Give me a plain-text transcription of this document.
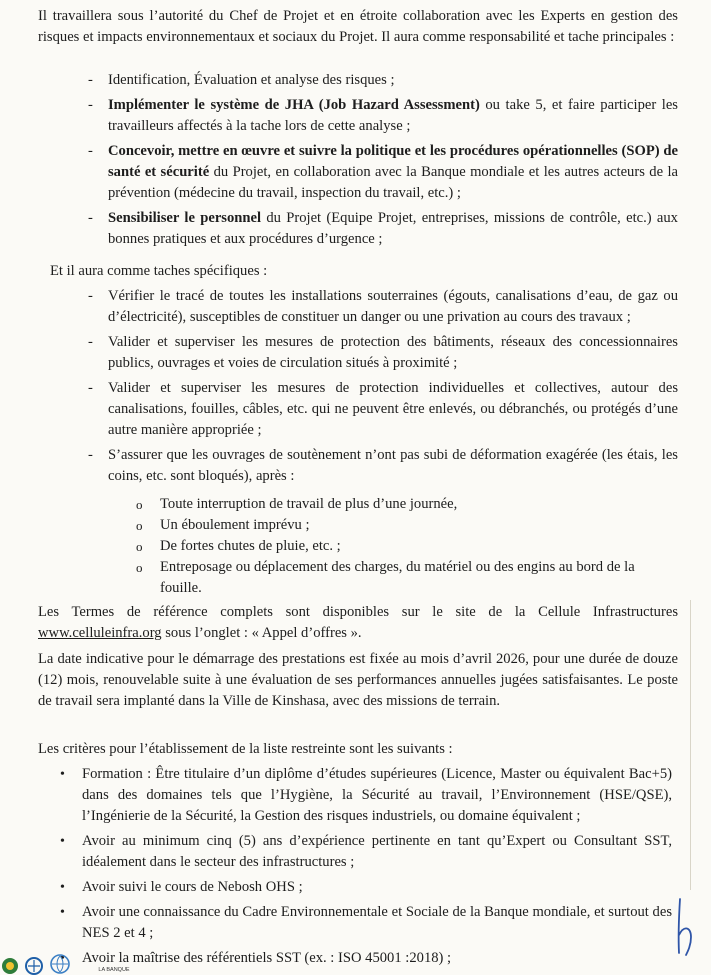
Il travaillera sous l’autorité du Chef de Projet et en étroite collaboration avec les Experts en gestion des risques et impacts environnementaux et sociaux du Projet. Il aura comme responsabilité et tache principales :

-	Identification, Évaluation et analyse des risques ;
-	Implémenter le système de JHA (Job Hazard Assessment) ou take 5, et faire participer les travailleurs affectés à la tache lors de cette analyse ;
-	Concevoir, mettre en œuvre et suivre la politique et les procédures opérationnelles (SOP) de santé et sécurité du Projet, en collaboration avec la Banque mondiale et les autres acteurs de la prévention (médecine du travail, inspection du travail, etc.) ;
-	Sensibiliser le personnel du Projet (Equipe Projet, entreprises, missions de contrôle, etc.) aux bonnes pratiques et aux procédures d’urgence ;

Et il aura comme taches spécifiques :

-	Vérifier le tracé de toutes les installations souterraines (égouts, canalisations d’eau, de gaz ou d’électricité), susceptibles de constituer un danger ou une privation au cours des travaux ;
-	Valider et superviser les mesures de protection des bâtiments, réseaux des concessionnaires publics, ouvrages et voies de circulation situés à proximité ;
-	Valider et superviser les mesures de protection individuelles et collectives, autour des canalisations, fouilles, câbles, etc. qui ne peuvent être enlevés, ou débranchés, ou protégés d’une autre manière appropriée ;
-	S’assurer que les ouvrages de soutènement n’ont pas subi de déformation exagérée (les étais, les coins, etc. sont bloqués), après :
o Toute interruption de travail de plus d’une journée,
o Un éboulement imprévu ;
o De fortes chutes de pluie, etc. ;
o Entreposage ou déplacement des charges, du matériel ou des engins au bord de la fouille.

Les Termes de référence complets sont disponibles sur le site de la Cellule Infrastructures www.celluleinfra.org sous l’onglet : « Appel d’offres ».

La date indicative pour le démarrage des prestations est fixée au mois d’avril 2026, pour une durée de douze (12) mois, renouvelable suite à une évaluation de ses performances annuelles jugées satisfaisantes. Le poste de travail sera implanté dans la Ville de Kinshasa, avec des missions de terrain.

Les critères pour l’établissement de la liste restreinte sont les suivants :

• Formation : Être titulaire d’un diplôme d’études supérieures (Licence, Master ou équivalent Bac+5) dans des domaines tels que l’Hygiène, la Sécurité au travail, l’Environnement (HSE/QSE), l’Ingénierie de la Sécurité, la Gestion des risques industriels, ou domaine équivalent ;
• Avoir au minimum cinq (5) ans d’expérience pertinente en tant qu’Expert ou Consultant SST, idéalement dans le secteur des infrastructures ;
• Avoir suivi le cours de Nebosh OHS ;
• Avoir une connaissance du Cadre Environnementale et Sociale de la Banque mondiale, et surtout des NES 2 et 4 ;
• Avoir la maîtrise des référentiels SST (ex. : ISO 45001 :2018) ;
LA BANQUE
